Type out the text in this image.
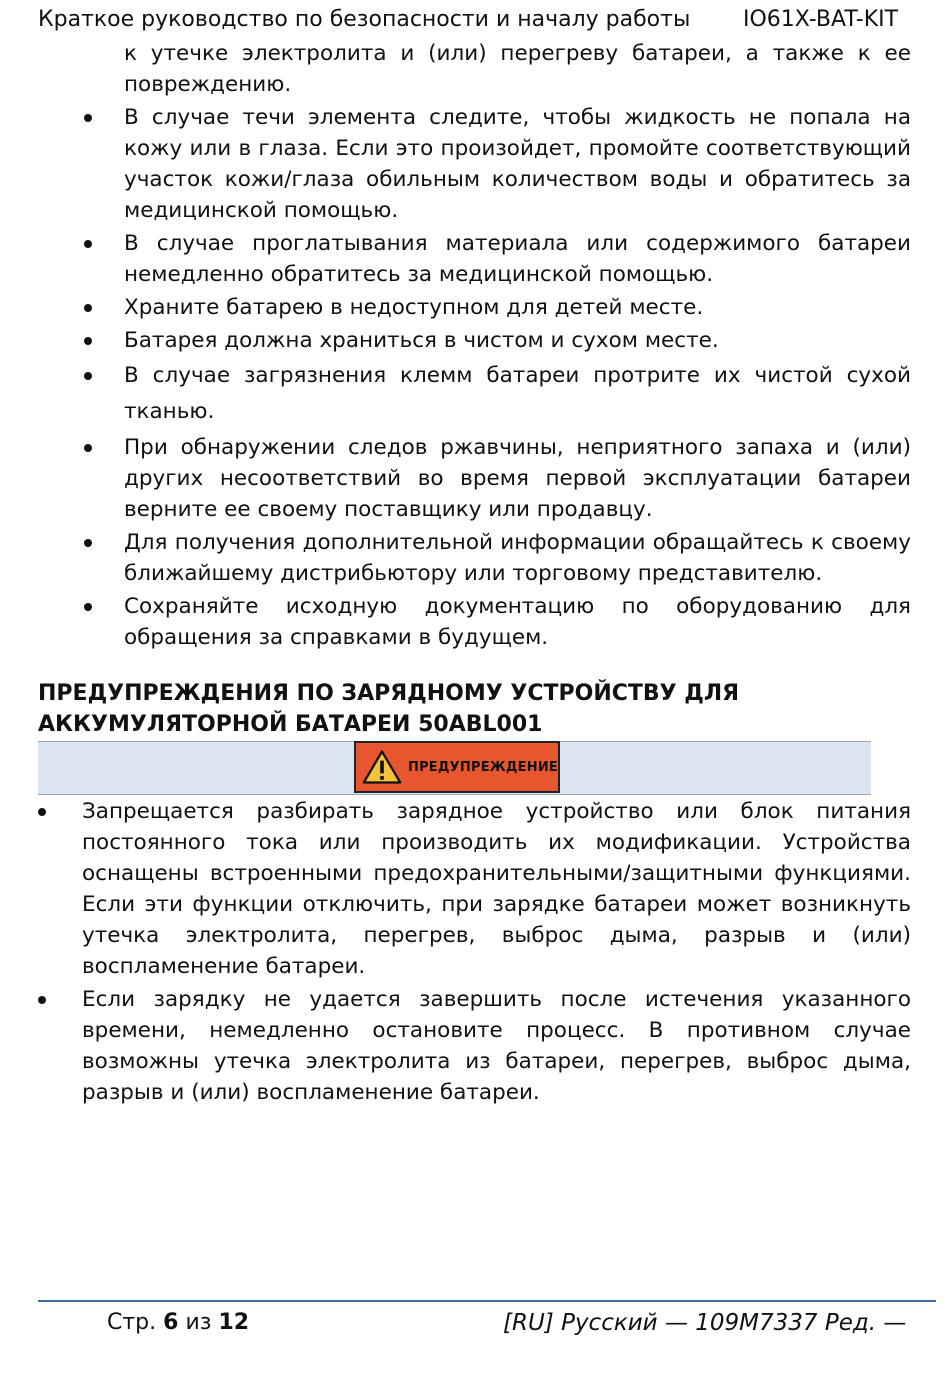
Краткое руководство по безопасности и началу работы IO61X-BAT-KIT
к утечке электролита и (или) перегреву батареи, а также к ее повреждению.
В случае течи элемента следите, чтобы жидкость не попала на кожу или в глаза. Если это произойдет, промойте соответствующий участок кожи/глаза обильным количеством воды и обратитесь за медицинской помощью.
В случае проглатывания материала или содержимого батареи немедленно обратитесь за медицинской помощью.
Храните батарею в недоступном для детей месте.
Батарея должна храниться в чистом и сухом месте.
В случае загрязнения клемм батареи протрите их чистой сухой тканью.
При обнаружении следов ржавчины, неприятного запаха и (или) других несоответствий во время первой эксплуатации батареи верните ее своему поставщику или продавцу.
Для получения дополнительной информации обращайтесь к своему ближайшему дистрибьютору или торговому представителю.
Сохраняйте исходную документацию по оборудованию для обращения за справками в будущем.
ПРЕДУПРЕЖДЕНИЯ ПО ЗАРЯДНОМУ УСТРОЙСТВУ ДЛЯ
АККУМУЛЯТОРНОЙ БАТАРЕИ 50ABL001
ПРЕДУПРЕЖДЕНИЕ
Запрещается разбирать зарядное устройство или блок питания постоянного тока или производить их модификации. Устройства оснащены встроенными предохранительными/защитными функциями. Если эти функции отключить, при зарядке батареи может возникнуть утечка электролита, перегрев, выброс дыма, разрыв и (или) воспламенение батареи.
Если зарядку не удается завершить после истечения указанного времени, немедленно остановите процесс. В противном случае возможны утечка электролита из батареи, перегрев, выброс дыма, разрыв и (или) воспламенение батареи.
Стр. 6 из 12	[RU] Русский — 109M7337 Ред. —
